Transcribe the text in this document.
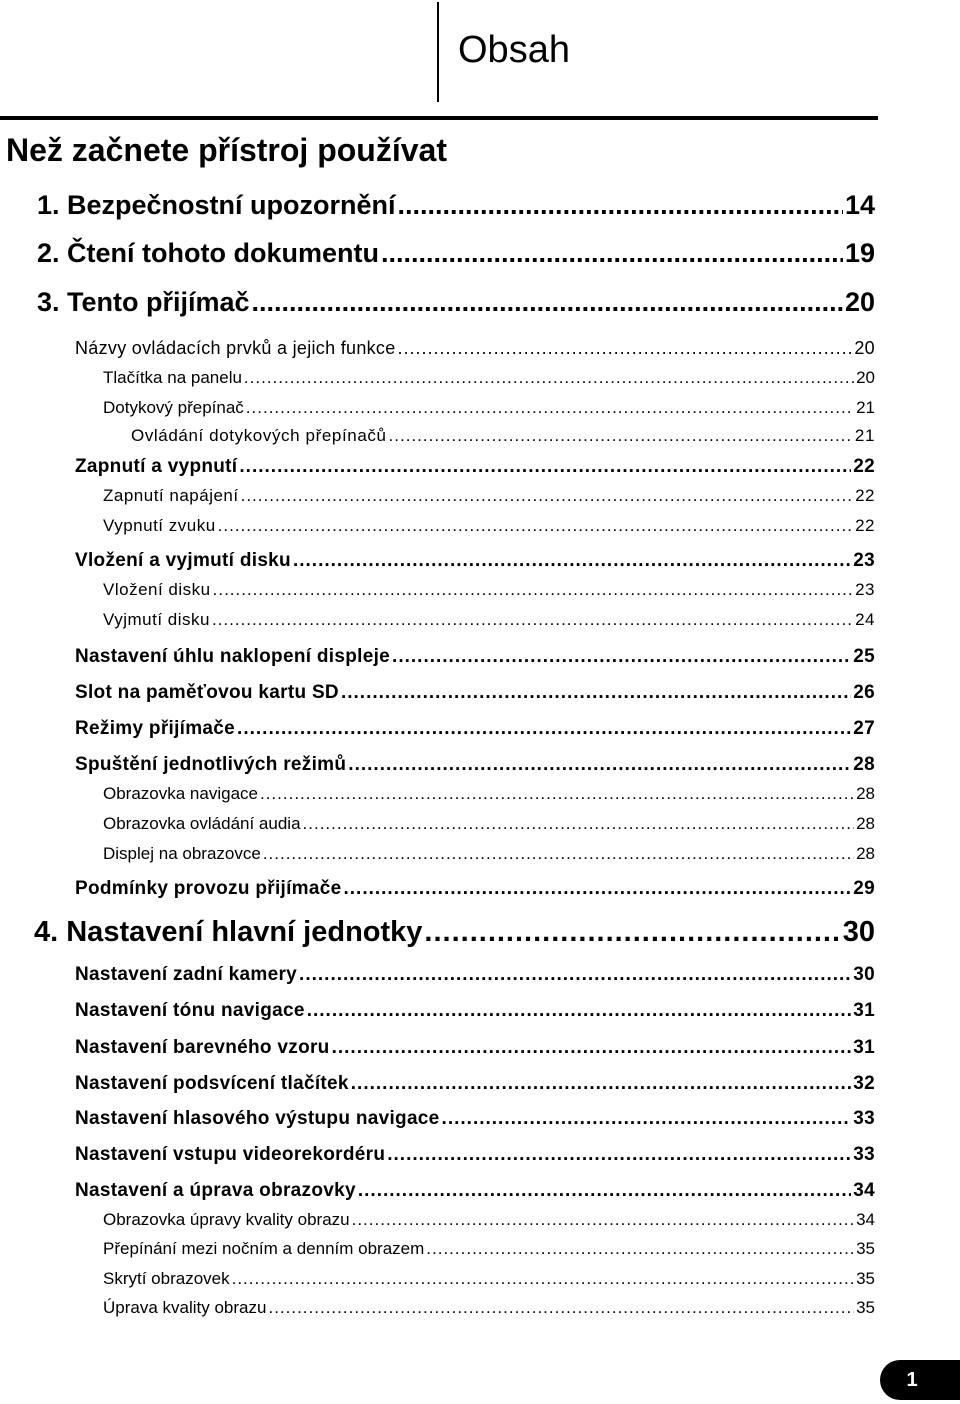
Obsah
Než začnete přístroj používat
1. Bezpečnostní upozornění .....	14
2. Čtení tohoto dokumentu .....	19
3. Tento přijímač .....	20
Názvy ovládacích prvků a jejich funkce .....	20
Tlačítka na panelu .....	20
Dotykový přepínač .....	21
Ovládání dotykových přepínačů .....	21
Zapnutí a vypnutí .....	22
Zapnutí napájení .....	22
Vypnutí zvuku .....	22
Vložení a vyjmutí disku .....	23
Vložení disku .....	23
Vyjmutí disku .....	24
Nastavení úhlu naklopení displeje .....	25
Slot na paměťovou kartu SD .....	26
Režimy přijímače .....	27
Spuštění jednotlivých režimů .....	28
Obrazovka navigace .....	28
Obrazovka ovládání audia .....	28
Displej na obrazovce .....	28
Podmínky provozu přijímače .....	29
4. Nastavení hlavní jednotky .....	30
Nastavení zadní kamery .....	30
Nastavení tónu navigace .....	31
Nastavení barevného vzoru .....	31
Nastavení podsvícení tlačítek .....	32
Nastavení hlasového výstupu navigace .....	33
Nastavení vstupu videorekordéru .....	33
Nastavení a úprava obrazovky .....	34
Obrazovka úpravy kvality obrazu .....	34
Přepínání mezi nočním a denním obrazem .....	35
Skrytí obrazovek .....	35
Úprava kvality obrazu .....	35
1
